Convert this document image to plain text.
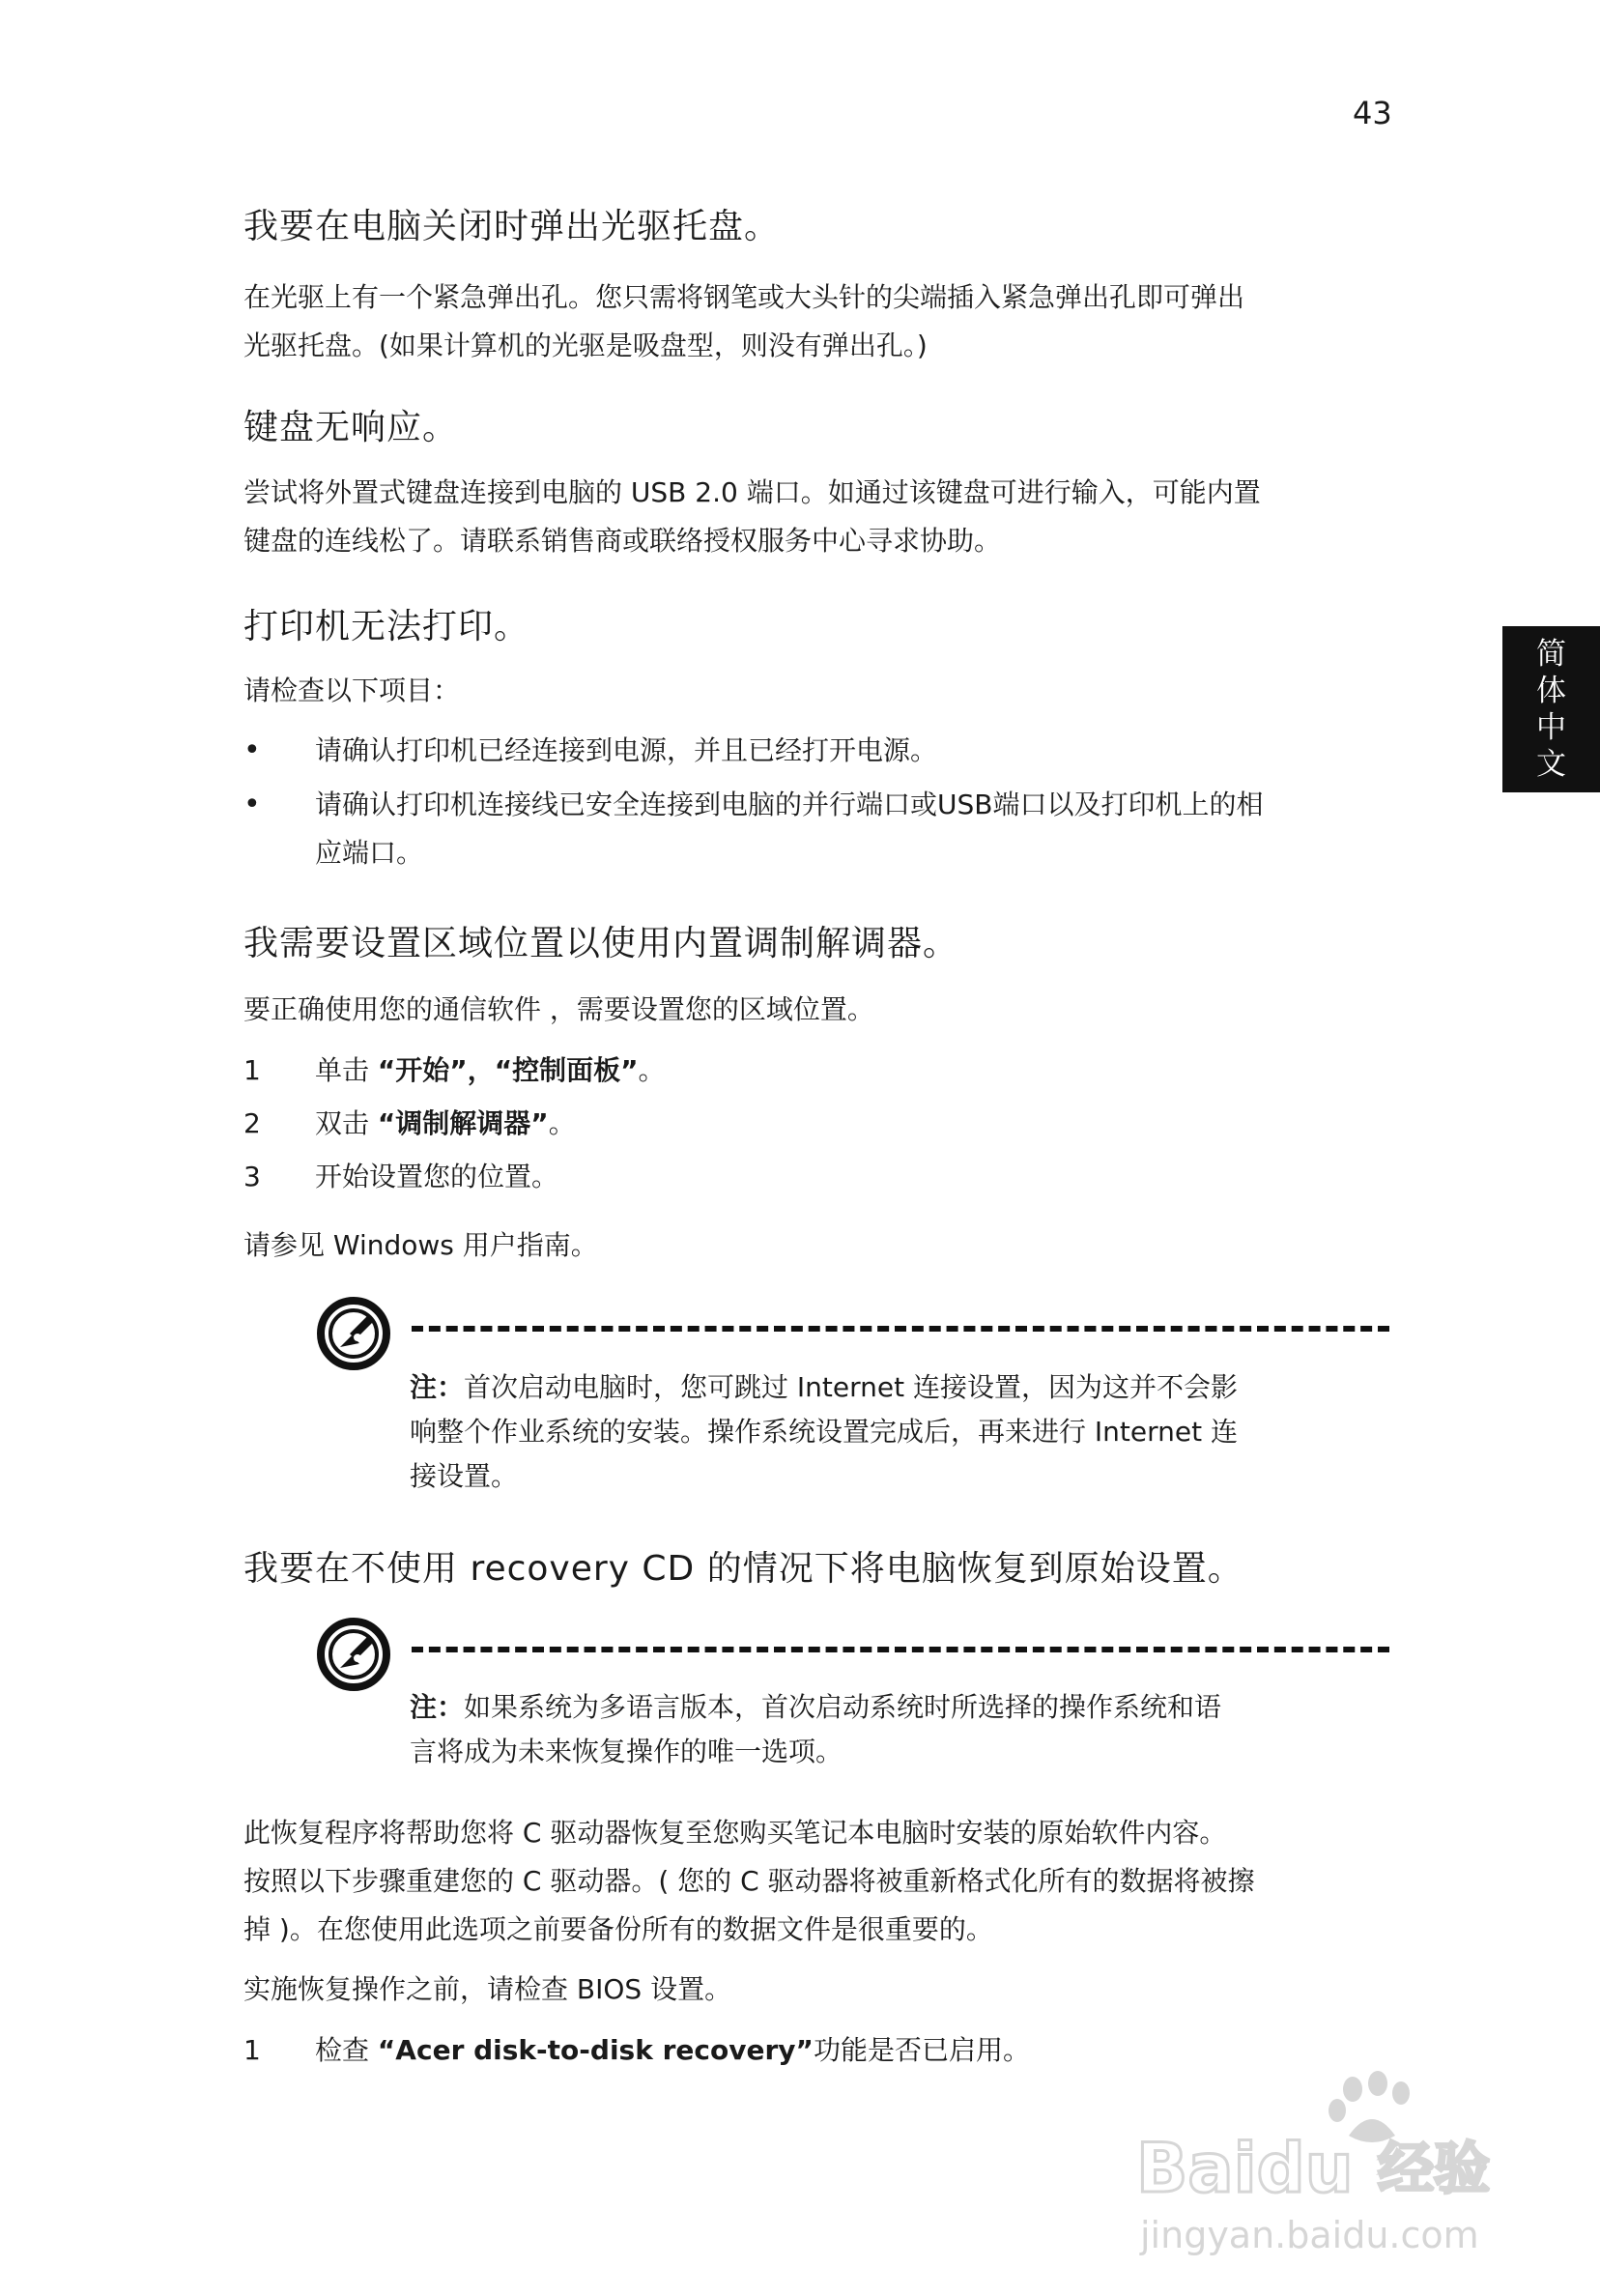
43
简
体
中
文
我要在电脑关闭时弹出光驱托盘。
在光驱上有一个紧急弹出孔。您只需将钢笔或大头针的尖端插入紧急弹出孔即可弹出
光驱托盘。(如果计算机的光驱是吸盘型，则没有弹出孔。)
键盘无响应。
尝试将外置式键盘连接到电脑的 USB 2.0 端口。如通过该键盘可进行输入，可能内置
键盘的连线松了。请联系销售商或联络授权服务中心寻求协助。
打印机无法打印。
请检查以下项目：
• 请确认打印机已经连接到电源，并且已经打开电源。
• 请确认打印机连接线已安全连接到电脑的并行端口或USB端口以及打印机上的相
应端口。
我需要设置区域位置以使用内置调制解调器。
要正确使用您的通信软件 ，需要设置您的区域位置。
1 单击 “开始”，“控制面板”。
2 双击 “调制解调器”。
3 开始设置您的位置。
请参见 Windows 用户指南。
注：首次启动电脑时，您可跳过 Internet 连接设置，因为这并不会影
响整个作业系统的安装。操作系统设置完成后，再来进行 Internet 连
接设置。
我要在不使用 recovery CD 的情况下将电脑恢复到原始设置。
注：如果系统为多语言版本，首次启动系统时所选择的操作系统和语
言将成为未来恢复操作的唯一选项。
此恢复程序将帮助您将 C 驱动器恢复至您购买笔记本电脑时安装的原始软件内容。
按照以下步骤重建您的 C 驱动器。( 您的 C 驱动器将被重新格式化所有的数据将被擦
掉 )。在您使用此选项之前要备份所有的数据文件是很重要的。
实施恢复操作之前，请检查 BIOS 设置。
1 检查 “Acer disk-to-disk recovery”功能是否已启用。
Baidu 经验
jingyan.baidu.com
